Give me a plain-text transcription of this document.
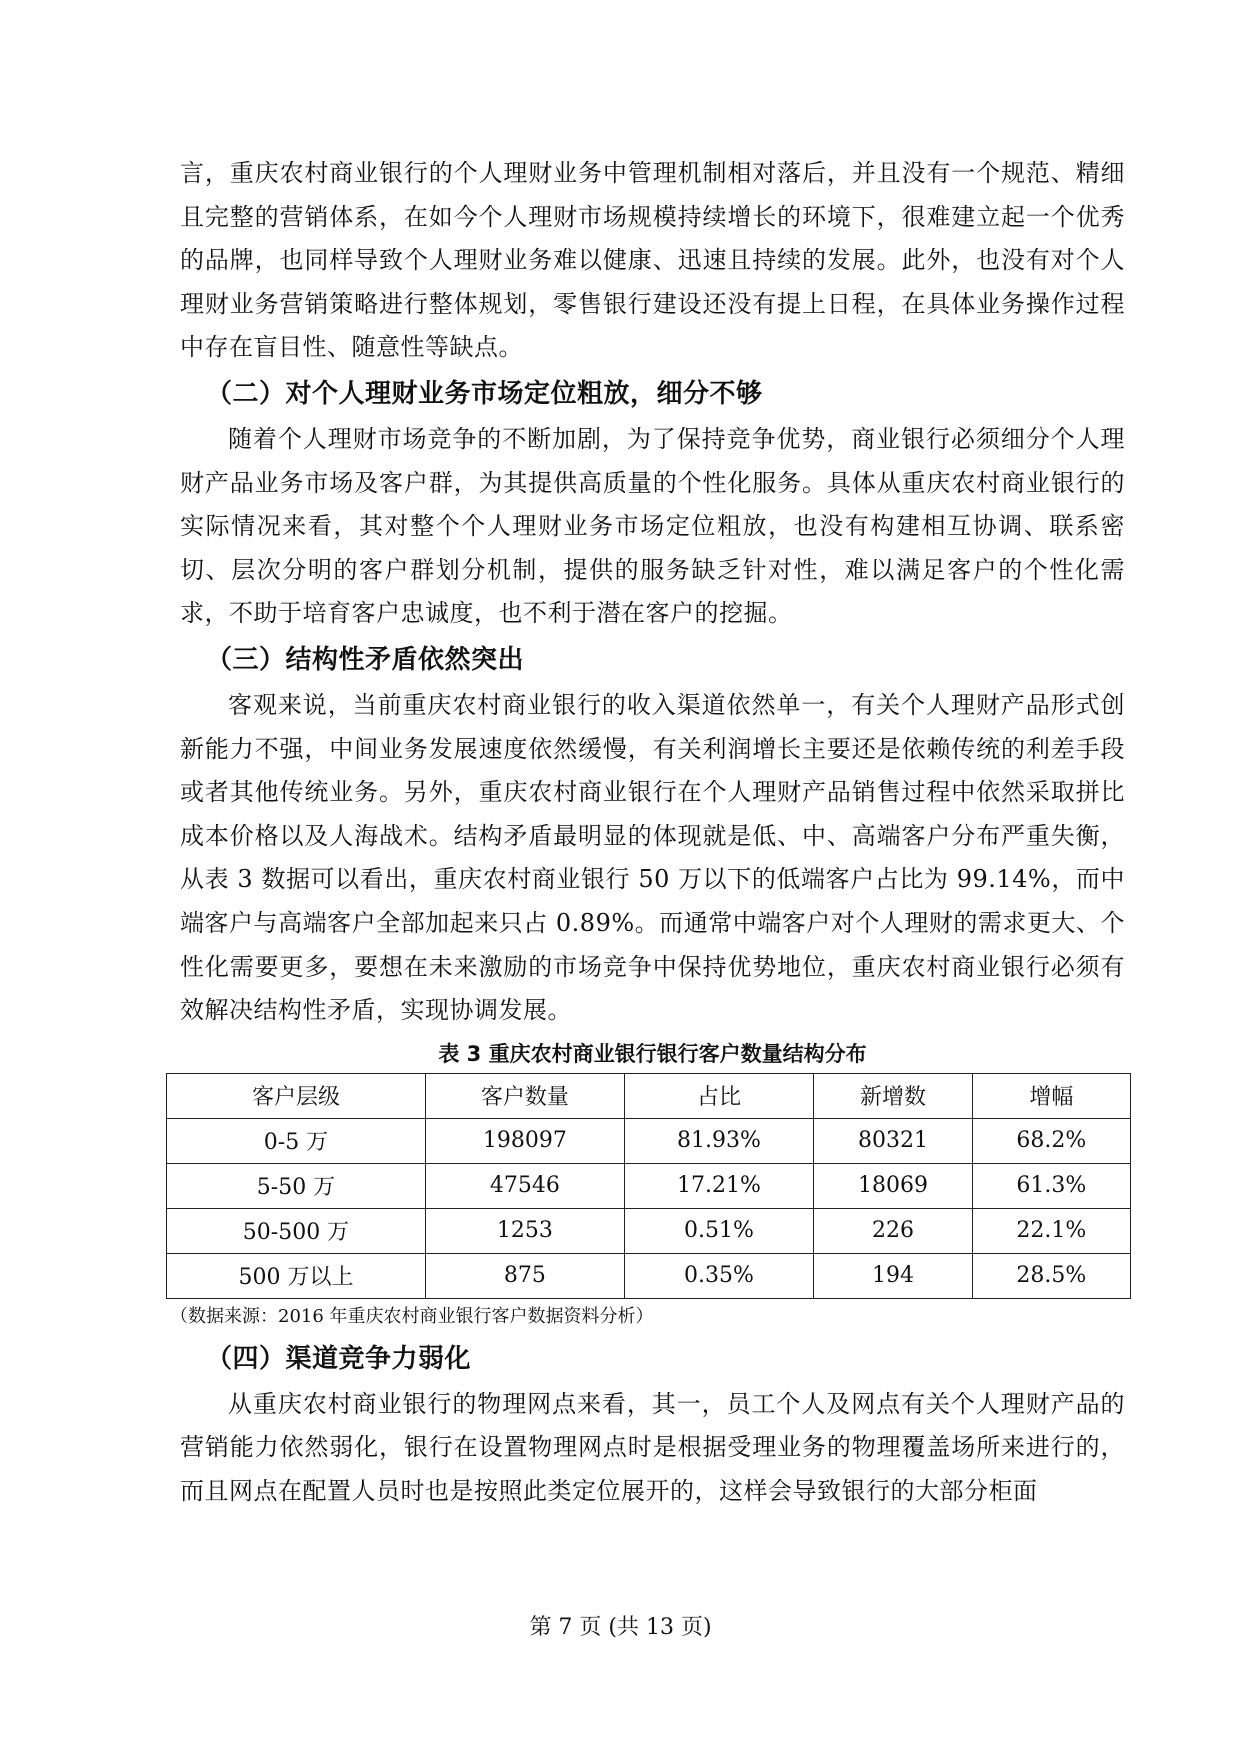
言，重庆农村商业银行的个人理财业务中管理机制相对落后，并且没有一个规范、精细且完整的营销体系，在如今个人理财市场规模持续增长的环境下，很难建立起一个优秀的品牌，也同样导致个人理财业务难以健康、迅速且持续的发展。此外，也没有对个人理财业务营销策略进行整体规划，零售银行建设还没有提上日程，在具体业务操作过程中存在盲目性、随意性等缺点。

（二）对个人理财业务市场定位粗放，细分不够

随着个人理财市场竞争的不断加剧，为了保持竞争优势，商业银行必须细分个人理财产品业务市场及客户群，为其提供高质量的个性化服务。具体从重庆农村商业银行的实际情况来看，其对整个个人理财业务市场定位粗放，也没有构建相互协调、联系密切、层次分明的客户群划分机制，提供的服务缺乏针对性，难以满足客户的个性化需求，不助于培育客户忠诚度，也不利于潜在客户的挖掘。

（三）结构性矛盾依然突出

客观来说，当前重庆农村商业银行的收入渠道依然单一，有关个人理财产品形式创新能力不强，中间业务发展速度依然缓慢，有关利润增长主要还是依赖传统的利差手段或者其他传统业务。另外，重庆农村商业银行在个人理财产品销售过程中依然采取拼比成本价格以及人海战术。结构矛盾最明显的体现就是低、中、高端客户分布严重失衡，从表 3 数据可以看出，重庆农村商业银行 50 万以下的低端客户占比为 99.14%，而中端客户与高端客户全部加起来只占 0.89%。而通常中端客户对个人理财的需求更大、个性化需要更多，要想在未来激励的市场竞争中保持优势地位，重庆农村商业银行必须有效解决结构性矛盾，实现协调发展。

表 3 重庆农村商业银行银行客户数量结构分布

客户层级	客户数量	占比	新增数	增幅
0-5 万	198097	81.93%	80321	68.2%
5-50 万	47546	17.21%	18069	61.3%
50-500 万	1253	0.51%	226	22.1%
500 万以上	875	0.35%	194	28.5%

（数据来源：2016 年重庆农村商业银行客户数据资料分析）

（四）渠道竞争力弱化

从重庆农村商业银行的物理网点来看，其一，员工个人及网点有关个人理财产品的营销能力依然弱化，银行在设置物理网点时是根据受理业务的物理覆盖场所来进行的，而且网点在配置人员时也是按照此类定位展开的，这样会导致银行的大部分柜面

第 7 页 (共 13 页)
